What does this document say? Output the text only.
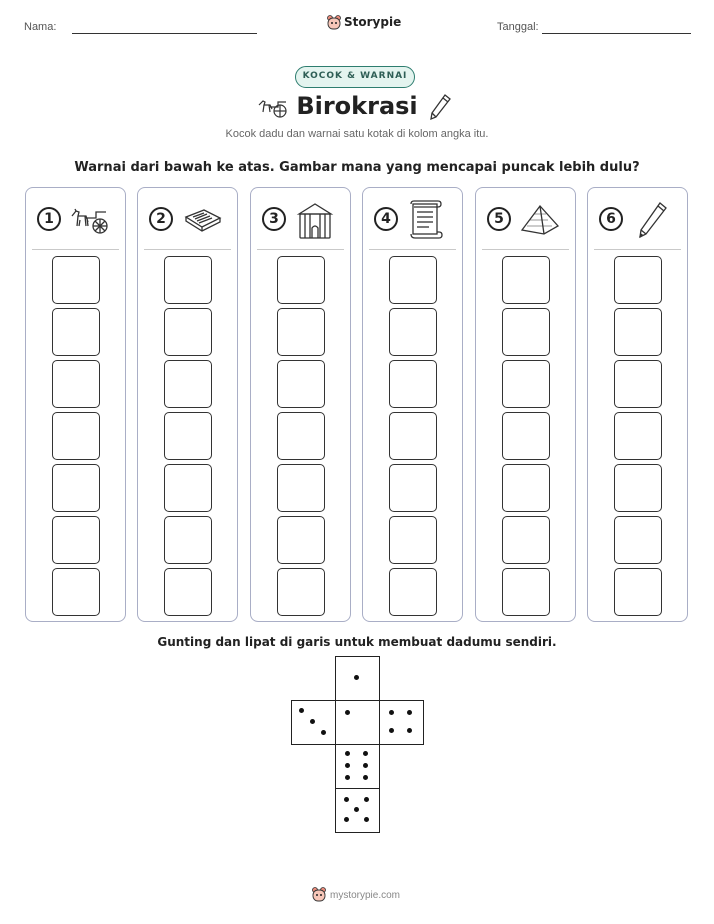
Nama:	Storypie	Tanggal:
KOCOK & WARNAI
Birokrasi
Kocok dadu dan warnai satu kotak di kolom angka itu.
Warnai dari bawah ke atas. Gambar mana yang mencapai puncak lebih dulu?
1	2	3	4	5	6
Gunting dan lipat di garis untuk membuat dadumu sendiri.
mystorypie.com
